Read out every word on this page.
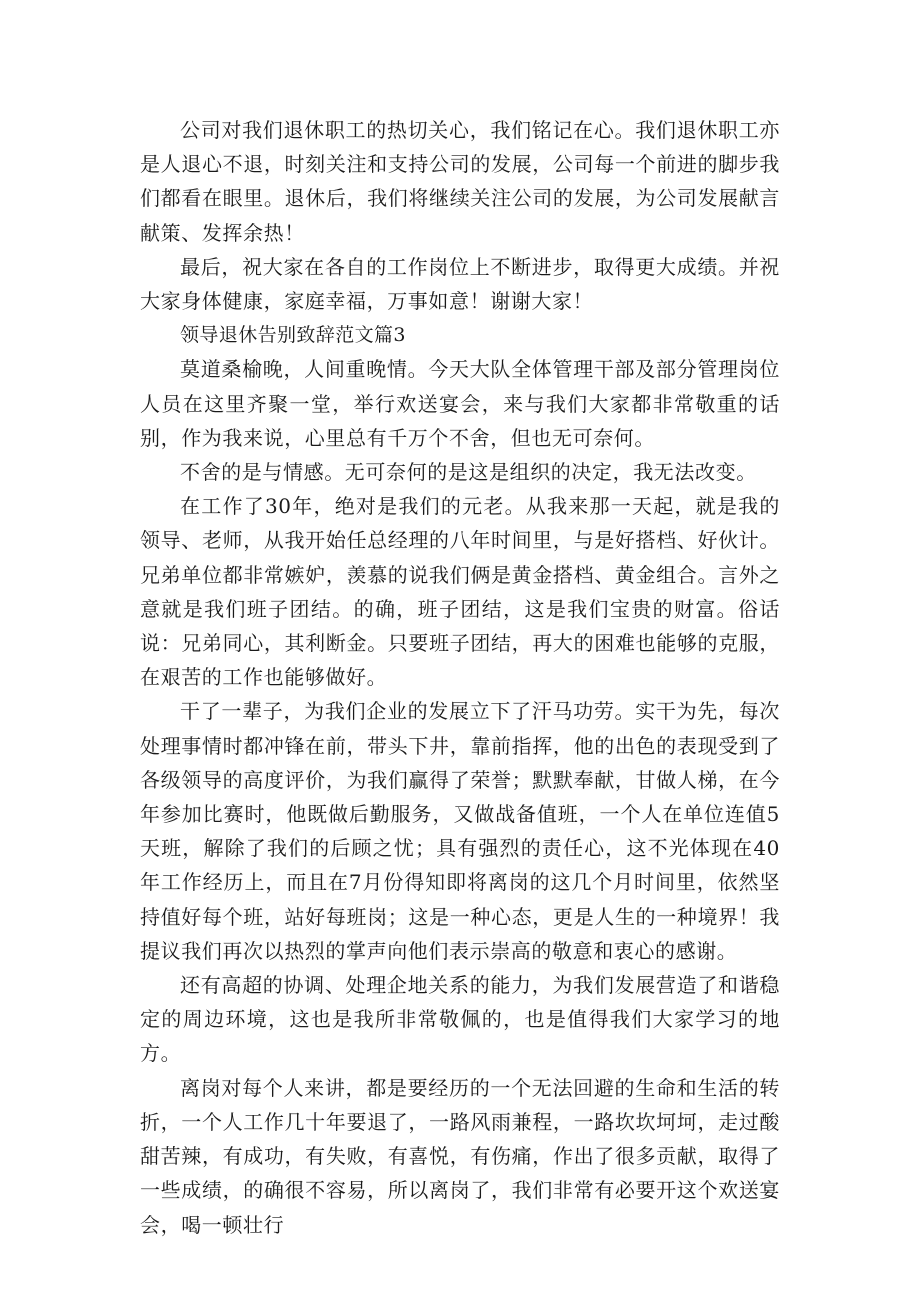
公司对我们退休职工的热切关心，我们铭记在心。我们退休职工亦是人退心不退，时刻关注和支持公司的发展，公司每一个前进的脚步我们都看在眼里。退休后，我们将继续关注公司的发展，为公司发展献言献策、发挥余热！

最后，祝大家在各自的工作岗位上不断进步，取得更大成绩。并祝大家身体健康，家庭幸福，万事如意！谢谢大家！

领导退休告别致辞范文篇3

莫道桑榆晚，人间重晚情。今天大队全体管理干部及部分管理岗位人员在这里齐聚一堂，举行欢送宴会，来与我们大家都非常敬重的话别，作为我来说，心里总有千万个不舍，但也无可奈何。

不舍的是与情感。无可奈何的是这是组织的决定，我无法改变。

在工作了30年，绝对是我们的元老。从我来那一天起，就是我的领导、老师，从我开始任总经理的八年时间里，与是好搭档、好伙计。兄弟单位都非常嫉妒，羡慕的说我们俩是黄金搭档、黄金组合。言外之意就是我们班子团结。的确，班子团结，这是我们宝贵的财富。俗话说：兄弟同心，其利断金。只要班子团结，再大的困难也能够的克服，在艰苦的工作也能够做好。

干了一辈子，为我们企业的发展立下了汗马功劳。实干为先，每次处理事情时都冲锋在前，带头下井，靠前指挥，他的出色的表现受到了各级领导的高度评价，为我们赢得了荣誉；默默奉献，甘做人梯，在今年参加比赛时，他既做后勤服务，又做战备值班，一个人在单位连值5天班，解除了我们的后顾之忧；具有强烈的责任心，这不光体现在40年工作经历上，而且在7月份得知即将离岗的这几个月时间里，依然坚持值好每个班，站好每班岗；这是一种心态，更是人生的一种境界！我提议我们再次以热烈的掌声向他们表示崇高的敬意和衷心的感谢。

还有高超的协调、处理企地关系的能力，为我们发展营造了和谐稳定的周边环境，这也是我所非常敬佩的，也是值得我们大家学习的地方。

离岗对每个人来讲，都是要经历的一个无法回避的生命和生活的转折，一个人工作几十年要退了，一路风雨兼程，一路坎坎坷坷，走过酸甜苦辣，有成功，有失败，有喜悦，有伤痛，作出了很多贡献，取得了一些成绩，的确很不容易，所以离岗了，我们非常有必要开这个欢送宴会，喝一顿壮行
